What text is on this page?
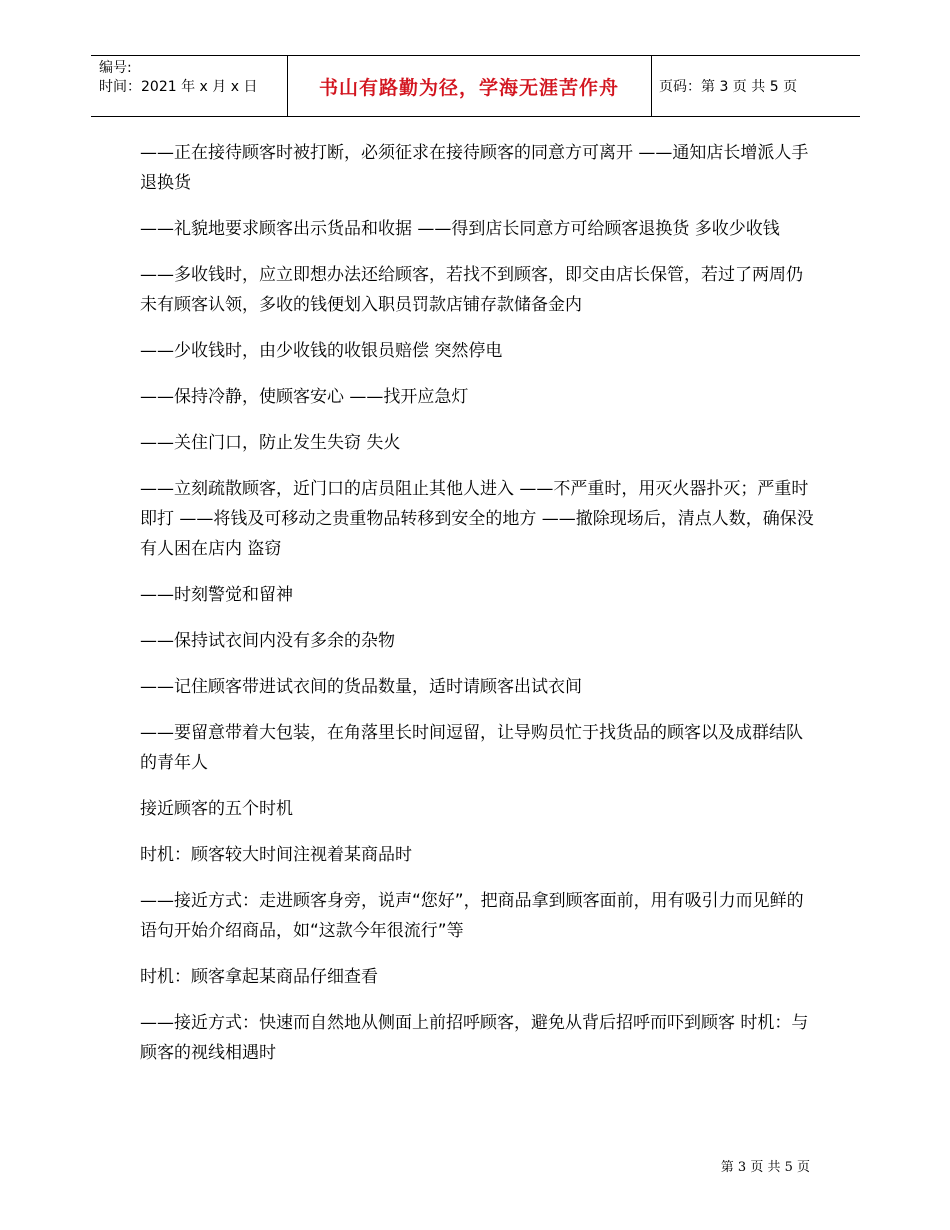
编号:
时间：2021 年 x 月 x 日	书山有路勤为径，学海无涯苦作舟	页码：第 3 页 共 5 页

——正在接待顾客时被打断，必须征求在接待顾客的同意方可离开 ——通知店长增派人手 退换货

——礼貌地要求顾客出示货品和收据 ——得到店长同意方可给顾客退换货 多收少收钱

——多收钱时，应立即想办法还给顾客，若找不到顾客，即交由店长保管，若过了两周仍未有顾客认领，多收的钱便划入职员罚款店铺存款储备金内

——少收钱时，由少收钱的收银员赔偿 突然停电

——保持冷静，使顾客安心 ——找开应急灯

——关住门口，防止发生失窃 失火

——立刻疏散顾客，近门口的店员阻止其他人进入 ——不严重时，用灭火器扑灭；严重时即打 ——将钱及可移动之贵重物品转移到安全的地方 ——撤除现场后，清点人数，确保没有人困在店内 盗窃

——时刻警觉和留神

——保持试衣间内没有多余的杂物

——记住顾客带进试衣间的货品数量，适时请顾客出试衣间

——要留意带着大包装，在角落里长时间逗留，让导购员忙于找货品的顾客以及成群结队的青年人

接近顾客的五个时机

时机：顾客较大时间注视着某商品时

——接近方式：走进顾客身旁，说声“您好”，把商品拿到顾客面前，用有吸引力而见鲜的语句开始介绍商品，如“这款今年很流行”等

时机：顾客拿起某商品仔细查看

——接近方式：快速而自然地从侧面上前招呼顾客，避免从背后招呼而吓到顾客 时机：与顾客的视线相遇时

第 3 页 共 5 页
